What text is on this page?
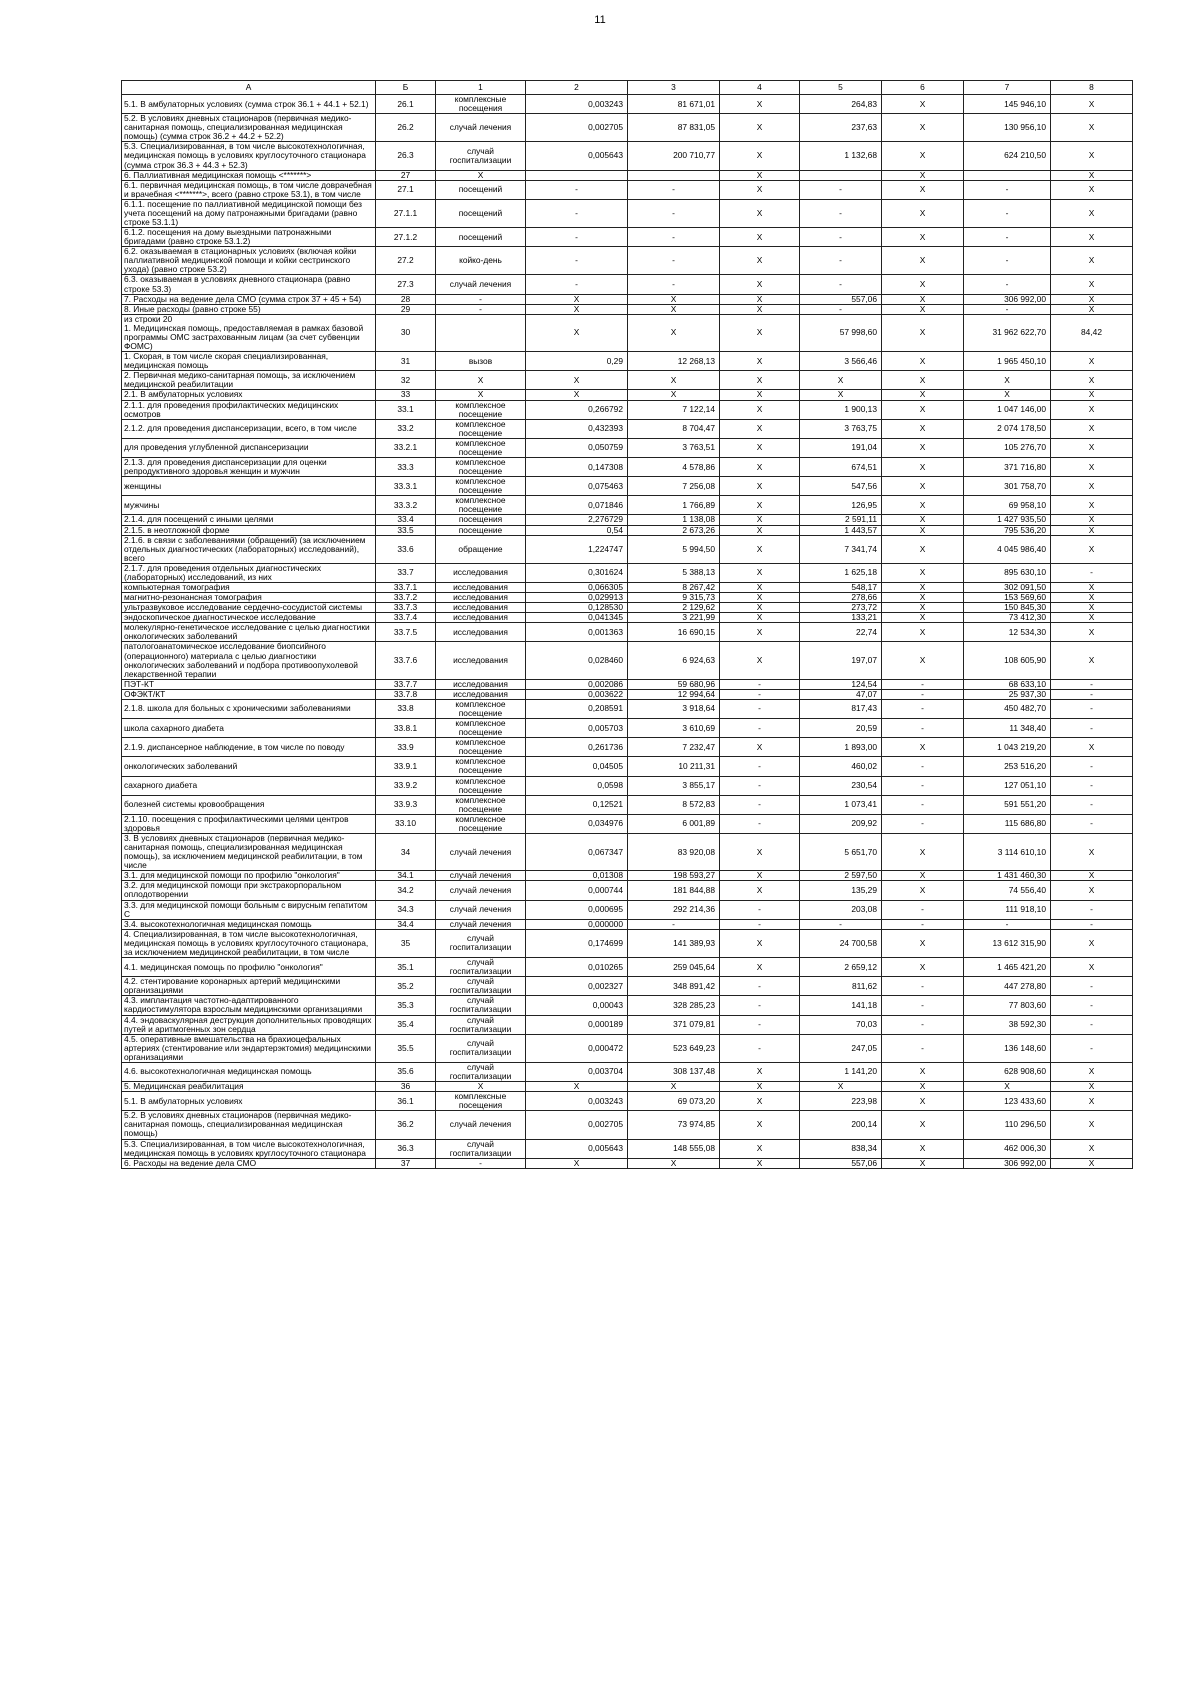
11
А	Б	1	2	3	4	5	6	7	8
5.1. В амбулаторных условиях (сумма строк 36.1 + 44.1 + 52.1)	26.1	комплексные посещения	0,003243	81 671,01	Х	264,83	Х	145 946,10	Х
5.2. В условиях дневных стационаров (первичная медико-санитарная помощь, специализированная медицинская помощь) (сумма строк 36.2 + 44.2 + 52.2)	26.2	случай лечения	0,002705	87 831,05	Х	237,63	Х	130 956,10	Х
5.3. Специализированная, в том числе высокотехнологичная, медицинская помощь в условиях круглосуточного стационара (сумма строк 36.3 + 44.3 + 52.3)	26.3	случай госпитализации	0,005643	200 710,77	Х	1 132,68	Х	624 210,50	Х
6. Паллиативная медицинская помощь <*******>	27	Х			Х		Х		Х
6.1. первичная медицинская помощь, в том числе доврачебная и врачебная <*******>, всего (равно строке 53.1), в том числе	27.1	посещений	-	-	Х	-	Х	-	Х
6.1.1. посещение по паллиативной медицинской помощи без учета посещений на дому патронажными бригадами (равно строке 53.1.1)	27.1.1	посещений	-	-	Х	-	Х	-	Х
6.1.2. посещения на дому выездными патронажными бригадами (равно строке 53.1.2)	27.1.2	посещений	-	-	Х	-	Х	-	Х
6.2. оказываемая в стационарных условиях (включая койки паллиативной медицинской помощи и койки сестринского ухода) (равно строке 53.2)	27.2	койко-день	-	-	Х	-	Х	-	Х
6.3. оказываемая в условиях дневного стационара (равно строке 53.3)	27.3	случай лечения	-	-	Х	-	Х	-	Х
7. Расходы на ведение дела СМО (сумма строк 37 + 45 + 54)	28	-	Х	Х	Х	557,06	Х	306 992,00	Х
8. Иные расходы (равно строке 55)	29	-	Х	Х	Х	-	Х	-	Х
из строки 20
1. Медицинская помощь, предоставляемая в рамках базовой программы ОМС застрахованным лицам (за счет субвенции ФОМС)	30		Х	Х	Х	57 998,60	Х	31 962 622,70	84,42
1. Скорая, в том числе скорая специализированная, медицинская помощь	31	вызов	0,29	12 268,13	Х	3 566,46	Х	1 965 450,10	Х
2. Первичная медико-санитарная помощь, за исключением медицинской реабилитации	32	Х	Х	Х	Х	Х	Х	Х	Х
2.1. В амбулаторных условиях	33	Х	Х	Х	Х	Х	Х	Х	Х
2.1.1. для проведения профилактических медицинских осмотров	33.1	комплексное посещение	0,266792	7 122,14	Х	1 900,13	Х	1 047 146,00	Х
2.1.2. для проведения диспансеризации, всего, в том числе	33.2	комплексное посещение	0,432393	8 704,47	Х	3 763,75	Х	2 074 178,50	Х
для проведения углубленной диспансеризации	33.2.1	комплексное посещение	0,050759	3 763,51	Х	191,04	Х	105 276,70	Х
2.1.3. для проведения диспансеризации для оценки репродуктивного здоровья женщин и мужчин	33.3	комплексное посещение	0,147308	4 578,86	Х	674,51	Х	371 716,80	Х
женщины	33.3.1	комплексное посещение	0,075463	7 256,08	Х	547,56	Х	301 758,70	Х
мужчины	33.3.2	комплексное посещение	0,071846	1 766,89	Х	126,95	Х	69 958,10	Х
2.1.4. для посещений с иными целями	33.4	посещения	2,276729	1 138,08	Х	2 591,11	Х	1 427 935,50	Х
2.1.5. в неотложной форме	33.5	посещение	0,54	2 673,26	Х	1 443,57	Х	795 536,20	Х
2.1.6. в связи с заболеваниями (обращений) (за исключением отдельных диагностических (лабораторных) исследований), всего	33.6	обращение	1,224747	5 994,50	Х	7 341,74	Х	4 045 986,40	Х
2.1.7. для проведения отдельных диагностических (лабораторных) исследований, из них	33.7	исследования	0,301624	5 388,13	Х	1 625,18	Х	895 630,10	-
компьютерная томография	33.7.1	исследования	0,066305	8 267,42	Х	548,17	Х	302 091,50	Х
магнитно-резонансная томография	33.7.2	исследования	0,029913	9 315,73	Х	278,66	Х	153 569,60	Х
ультразвуковое исследование сердечно-сосудистой системы	33.7.3	исследования	0,128530	2 129,62	Х	273,72	Х	150 845,30	Х
эндоскопическое диагностическое исследование	33.7.4	исследования	0,041345	3 221,99	Х	133,21	Х	73 412,30	Х
молекулярно-генетическое исследование с целью диагностики онкологических заболеваний	33.7.5	исследования	0,001363	16 690,15	Х	22,74	Х	12 534,30	Х
патологоанатомическое исследование биопсийного (операционного) материала с целью диагностики онкологических заболеваний и подбора противоопухолевой лекарственной терапии	33.7.6	исследования	0,028460	6 924,63	Х	197,07	Х	108 605,90	Х
ПЭТ-КТ	33.7.7	исследования	0,002086	59 680,96	-	124,54	-	68 633,10	-
ОФЭКТ/КТ	33.7.8	исследования	0,003622	12 994,64	-	47,07	-	25 937,30	-
2.1.8. школа для больных с хроническими заболеваниями	33.8	комплексное посещение	0,208591	3 918,64	-	817,43	-	450 482,70	-
школа сахарного диабета	33.8.1	комплексное посещение	0,005703	3 610,69	-	20,59	-	11 348,40	-
2.1.9. диспансерное наблюдение, в том числе по поводу	33.9	комплексное посещение	0,261736	7 232,47	Х	1 893,00	Х	1 043 219,20	Х
онкологических заболеваний	33.9.1	комплексное посещение	0,04505	10 211,31	-	460,02	-	253 516,20	-
сахарного диабета	33.9.2	комплексное посещение	0,0598	3 855,17	-	230,54	-	127 051,10	-
болезней системы кровообращения	33.9.3	комплексное посещение	0,12521	8 572,83	-	1 073,41	-	591 551,20	-
2.1.10. посещения с профилактическими целями центров здоровья	33.10	комплексное посещение	0,034976	6 001,89	-	209,92	-	115 686,80	-
3. В условиях дневных стационаров (первичная медико-санитарная помощь, специализированная медицинская помощь), за исключением медицинской реабилитации, в том числе	34	случай лечения	0,067347	83 920,08	Х	5 651,70	Х	3 114 610,10	Х
3.1. для медицинской помощи по профилю "онкология"	34.1	случай лечения	0,01308	198 593,27	Х	2 597,50	Х	1 431 460,30	Х
3.2. для медицинской помощи при экстракорпоральном оплодотворении	34.2	случай лечения	0,000744	181 844,88	Х	135,29	Х	74 556,40	Х
3.3. для медицинской помощи больным с вирусным гепатитом С	34.3	случай лечения	0,000695	292 214,36	-	203,08	-	111 918,10	-
3.4. высокотехнологичная медицинская помощь	34.4	случай лечения	0,000000	-	-	-	-	-	-
4. Специализированная, в том числе высокотехнологичная, медицинская помощь в условиях круглосуточного стационара, за исключением медицинской реабилитации, в том числе	35	случай госпитализации	0,174699	141 389,93	Х	24 700,58	Х	13 612 315,90	Х
4.1. медицинская помощь по профилю "онкология"	35.1	случай госпитализации	0,010265	259 045,64	Х	2 659,12	Х	1 465 421,20	Х
4.2. стентирование коронарных артерий медицинскими организациями	35.2	случай госпитализации	0,002327	348 891,42	-	811,62	-	447 278,80	-
4.3. имплантация частотно-адаптированного кардиостимулятора взрослым медицинскими организациями	35.3	случай госпитализации	0,00043	328 285,23	-	141,18	-	77 803,60	-
4.4. эндоваскулярная деструкция дополнительных проводящих путей и аритмогенных зон сердца	35.4	случай госпитализации	0,000189	371 079,81	-	70,03	-	38 592,30	-
4.5. оперативные вмешательства на брахиоцефальных артериях (стентирование или эндартерэктомия) медицинскими организациями	35.5	случай госпитализации	0,000472	523 649,23	-	247,05	-	136 148,60	-
4.6. высокотехнологичная медицинская помощь	35.6	случай госпитализации	0,003704	308 137,48	Х	1 141,20	Х	628 908,60	Х
5. Медицинская реабилитация	36	Х	Х	Х	Х	Х	Х	Х	Х
5.1. В амбулаторных условиях	36.1	комплексные посещения	0,003243	69 073,20	Х	223,98	Х	123 433,60	Х
5.2. В условиях дневных стационаров (первичная медико-санитарная помощь, специализированная медицинская помощь)	36.2	случай лечения	0,002705	73 974,85	Х	200,14	Х	110 296,50	Х
5.3. Специализированная, в том числе высокотехнологичная, медицинская помощь в условиях круглосуточного стационара	36.3	случай госпитализации	0,005643	148 555,08	Х	838,34	Х	462 006,30	Х
6. Расходы на ведение дела СМО	37	-	Х	Х	Х	557,06	Х	306 992,00	Х
